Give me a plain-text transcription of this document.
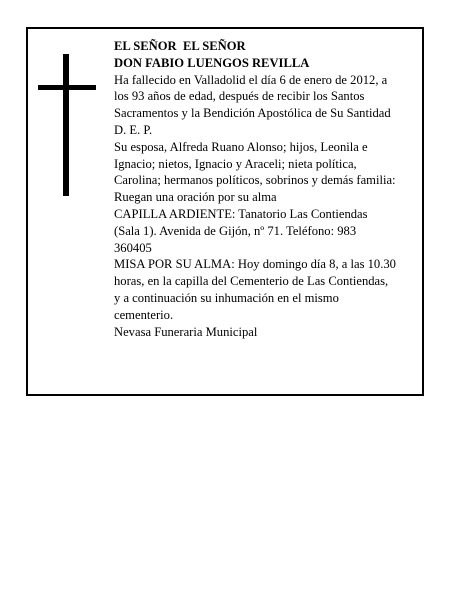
EL SEÑOR  EL SEÑOR
DON FABIO LUENGOS REVILLA
Ha fallecido en Valladolid el día 6 de enero de 2012, a
los 93 años de edad, después de recibir los Santos
Sacramentos y la Bendición Apostólica de Su Santidad
D. E. P.
Su esposa, Alfreda Ruano Alonso; hijos, Leonila e
Ignacio; nietos, Ignacio y Araceli; nieta política,
Carolina; hermanos políticos, sobrinos y demás familia:
Ruegan una oración por su alma
CAPILLA ARDIENTE: Tanatorio Las Contiendas
(Sala 1). Avenida de Gijón, nº 71. Teléfono: 983
360405
MISA POR SU ALMA: Hoy domingo día 8, a las 10.30
horas, en la capilla del Cementerio de Las Contiendas,
y a continuación su inhumación en el mismo
cementerio.
Nevasa Funeraria Municipal
